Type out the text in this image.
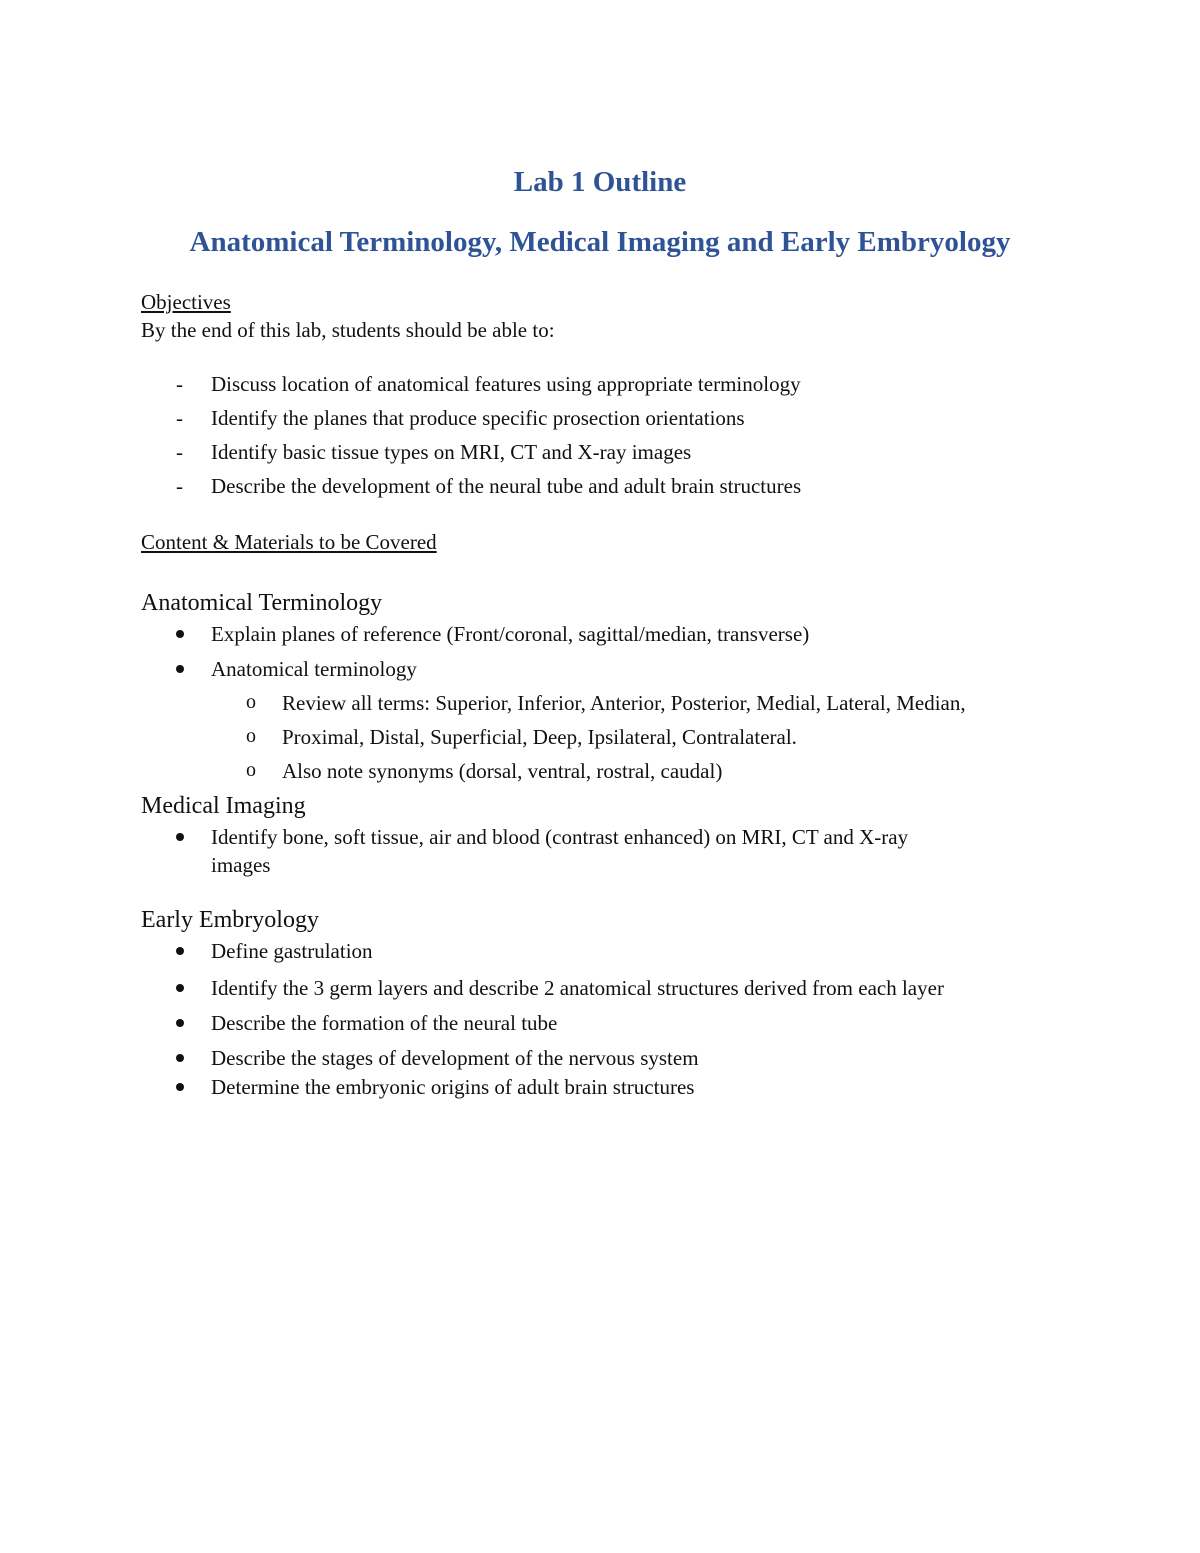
Lab 1 Outline
Anatomical Terminology, Medical Imaging and Early Embryology

Objectives

By the end of this lab, students should be able to:

-	Discuss location of anatomical features using appropriate terminology
-	Identify the planes that produce specific prosection orientations
-	Identify basic tissue types on MRI, CT and X-ray images
-	Describe the development of the neural tube and adult brain structures

Content & Materials to be Covered

Anatomical Terminology
Explain planes of reference (Front/coronal, sagittal/median, transverse)
Anatomical terminology
o	Review all terms: Superior, Inferior, Anterior, Posterior, Medial, Lateral, Median,
o	Proximal, Distal, Superficial, Deep, Ipsilateral, Contralateral.
o	Also note synonyms (dorsal, ventral, rostral, caudal)
Medical Imaging
Identify bone, soft tissue, air and blood (contrast enhanced) on MRI, CT and X-ray
images
Early Embryology
Define gastrulation
Identify the 3 germ layers and describe 2 anatomical structures derived from each layer
Describe the formation of the neural tube
Describe the stages of development of the nervous system
Determine the embryonic origins of adult brain structures
